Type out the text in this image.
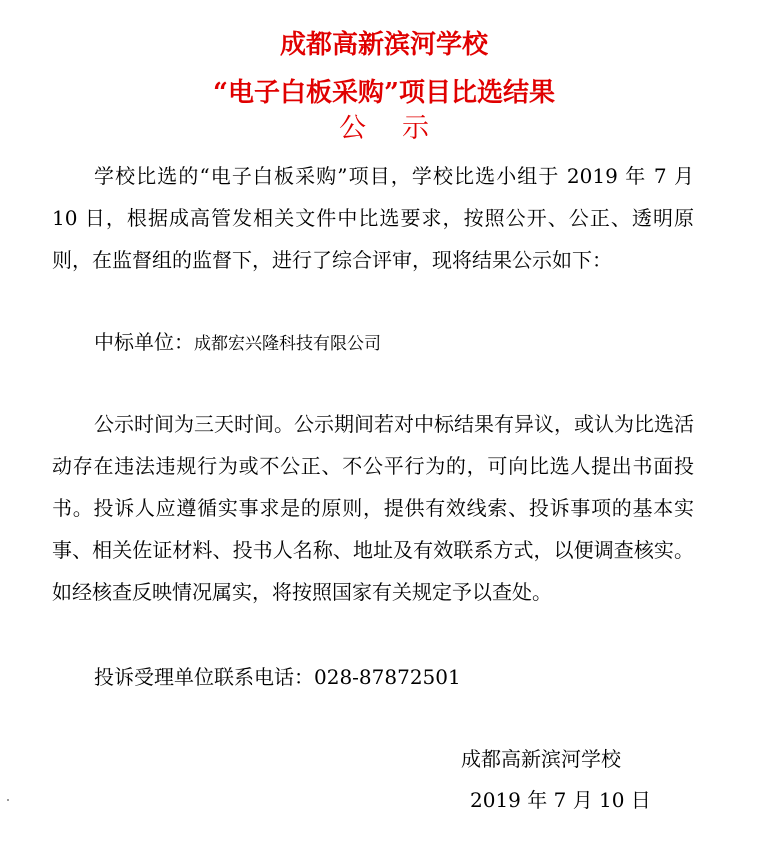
成都高新滨河学校
“电子白板采购”项目比选结果
公示

学校比选的“电子白板采购”项目，学校比选小组于 2019 年 7 月 10 日，根据成高管发相关文件中比选要求，按照公开、公正、透明原则，在监督组的监督下，进行了综合评审，现将结果公示如下：

中标单位：成都宏兴隆科技有限公司

公示时间为三天时间。公示期间若对中标结果有异议，或认为比选活动存在违法违规行为或不公正、不公平行为的，可向比选人提出书面投书。投诉人应遵循实事求是的原则，提供有效线索、投诉事项的基本实事、相关佐证材料、投书人名称、地址及有效联系方式，以便调查核实。如经核查反映情况属实，将按照国家有关规定予以查处。

投诉受理单位联系电话：028-87872501

成都高新滨河学校
2019 年 7 月 10 日
